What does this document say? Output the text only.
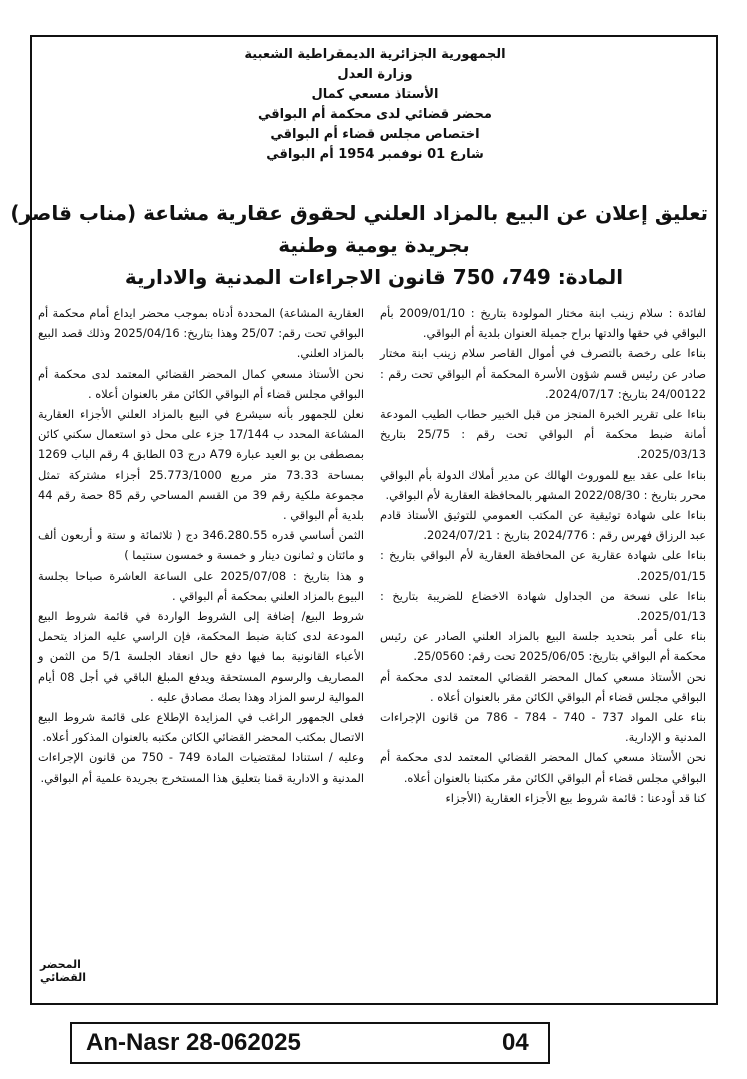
الجمهورية الجزائرية الديمقراطية الشعبية
وزارة العدل
الأستاذ مسعي كمال
محضر قضائي لدى محكمة أم البواقي
اختصاص مجلس قضاء أم البواقي
شارع 01 نوفمبر 1954 أم البواقي
تعليق إعلان عن البيع بالمزاد العلني لحقوق عقارية مشاعة (مناب قاصر)
بجريدة يومية وطنية
المادة: 749، 750 قانون الاجراءات المدنية والادارية

لفائدة : سلام زينب ابنة مختار المولودة بتاريخ : 2009/01/10 بأم البواقي في حقها والدتها براح جميلة العنوان بلدية أم البواقي.

بناءا على رخصة بالتصرف في أموال القاصر سلام زينب ابنة مختار صادر عن رئيس قسم شؤون الأسرة المحكمة أم البواقي تحت رقم : 24/00122 بتاريخ: 2024/07/17.

بناءا على تقرير الخبرة المنجز من قبل الخبير حطاب الطيب المودعة أمانة ضبط محكمة أم البواقي تحت رقم : 25/75 بتاريخ 2025/03/13.

بناءا على عقد بيع للموروث الهالك عن مدير أملاك الدولة بأم البواقي محرر بتاريخ : 2022/08/30 المشهر بالمحافظة العقارية لأم البواقي.

بناءا على شهادة توثيقية عن المكتب العمومي للتوثيق الأستاذ قادم عبد الرزاق فهرس رقم : 2024/776 بتاريخ : 2024/07/21.

بناءا على شهادة عقارية عن المحافظة العقارية لأم البواقي بتاريخ : 2025/01/15.

بناءا على نسخة من الجداول شهادة الاخضاع للضريبة بتاريخ : 2025/01/13.

بناء على أمر بتحديد جلسة البيع بالمزاد العلني الصادر عن رئيس محكمة أم البواقي بتاريخ: 2025/06/05 تحت رقم: 25/0560.

نحن الأستاذ مسعي كمال المحضر القضائي المعتمد لدى محكمة أم البواقي مجلس قضاء أم البواقي الكائن مقر بالعنوان أعلاه .

بناء على المواد 737 - 740 - 784 - 786 من قانون الإجراءات المدنية و الإدارية.

نحن الأستاذ مسعي كمال المحضر القضائي المعتمد لدى محكمة أم البواقي مجلس قضاء أم البواقي الكائن مقر مكتبنا بالعنوان أعلاه.

كنا قد أودعنا : قائمة شروط بيع الأجزاء العقارية (الأجزاء

العقارية المشاعة) المحددة أدناه بموجب محضر ايداع أمام محكمة أم البواقي تحت رقم: 25/07 وهذا بتاريخ: 2025/04/16 وذلك قصد البيع بالمزاد العلني.

نحن الأستاذ مسعي كمال المحضر القضائي المعتمد لدى محكمة أم البواقي مجلس قضاء أم البواقي الكائن مقر بالعنوان أعلاه .

نعلن للجمهور بأنه سيشرع في البيع بالمزاد العلني الأجزاء العقارية المشاعة المحدد ب 17/144 جزء على محل ذو استعمال سكني كائن بمصطفى بن بو العيد عبارة A79 درج 03 الطابق 4 رقم الباب 1269 بمساحة 73.33 متر مربع 25.773/1000 أجزاء مشتركة تمثل مجموعة ملكية رقم 39 من القسم المساحي رقم 85 حصة رقم 44 بلدية أم البواقي .

الثمن أساسي قدره 346.280.55 دج ( ثلاثمائة و ستة و أربعون ألف و مائتان و ثمانون دينار و خمسة و خمسون سنتيما )

و هذا بتاريخ : 2025/07/08 على الساعة العاشرة صباحا بجلسة البيوع بالمزاد العلني بمحكمة أم البواقي .

شروط البيع/ إضافة إلى الشروط الواردة في قائمة شروط البيع المودعة لدى كتابة ضبط المحكمة، فإن الراسي عليه المزاد يتحمل الأعباء القانونية بما فيها دفع حال انعقاد الجلسة 5/1 من الثمن و المصاريف والرسوم المستحقة ويدفع المبلغ الباقي في أجل 08 أيام الموالية لرسو المزاد وهذا بصك مصادق عليه .

فعلى الجمهور الراغب في المزايدة الإطلاع على قائمة شروط البيع الاتصال بمكتب المحضر القضائي الكائن مكتبه بالعنوان المذكور أعلاه.

وعليه / استنادا لمقتضيات المادة 749 - 750 من قانون الإجراءات المدنية و الادارية قمنا بتعليق هذا المستخرج بجريدة علمية أم البواقي.

المحضر القضائي
An-Nasr 28-062025	04
